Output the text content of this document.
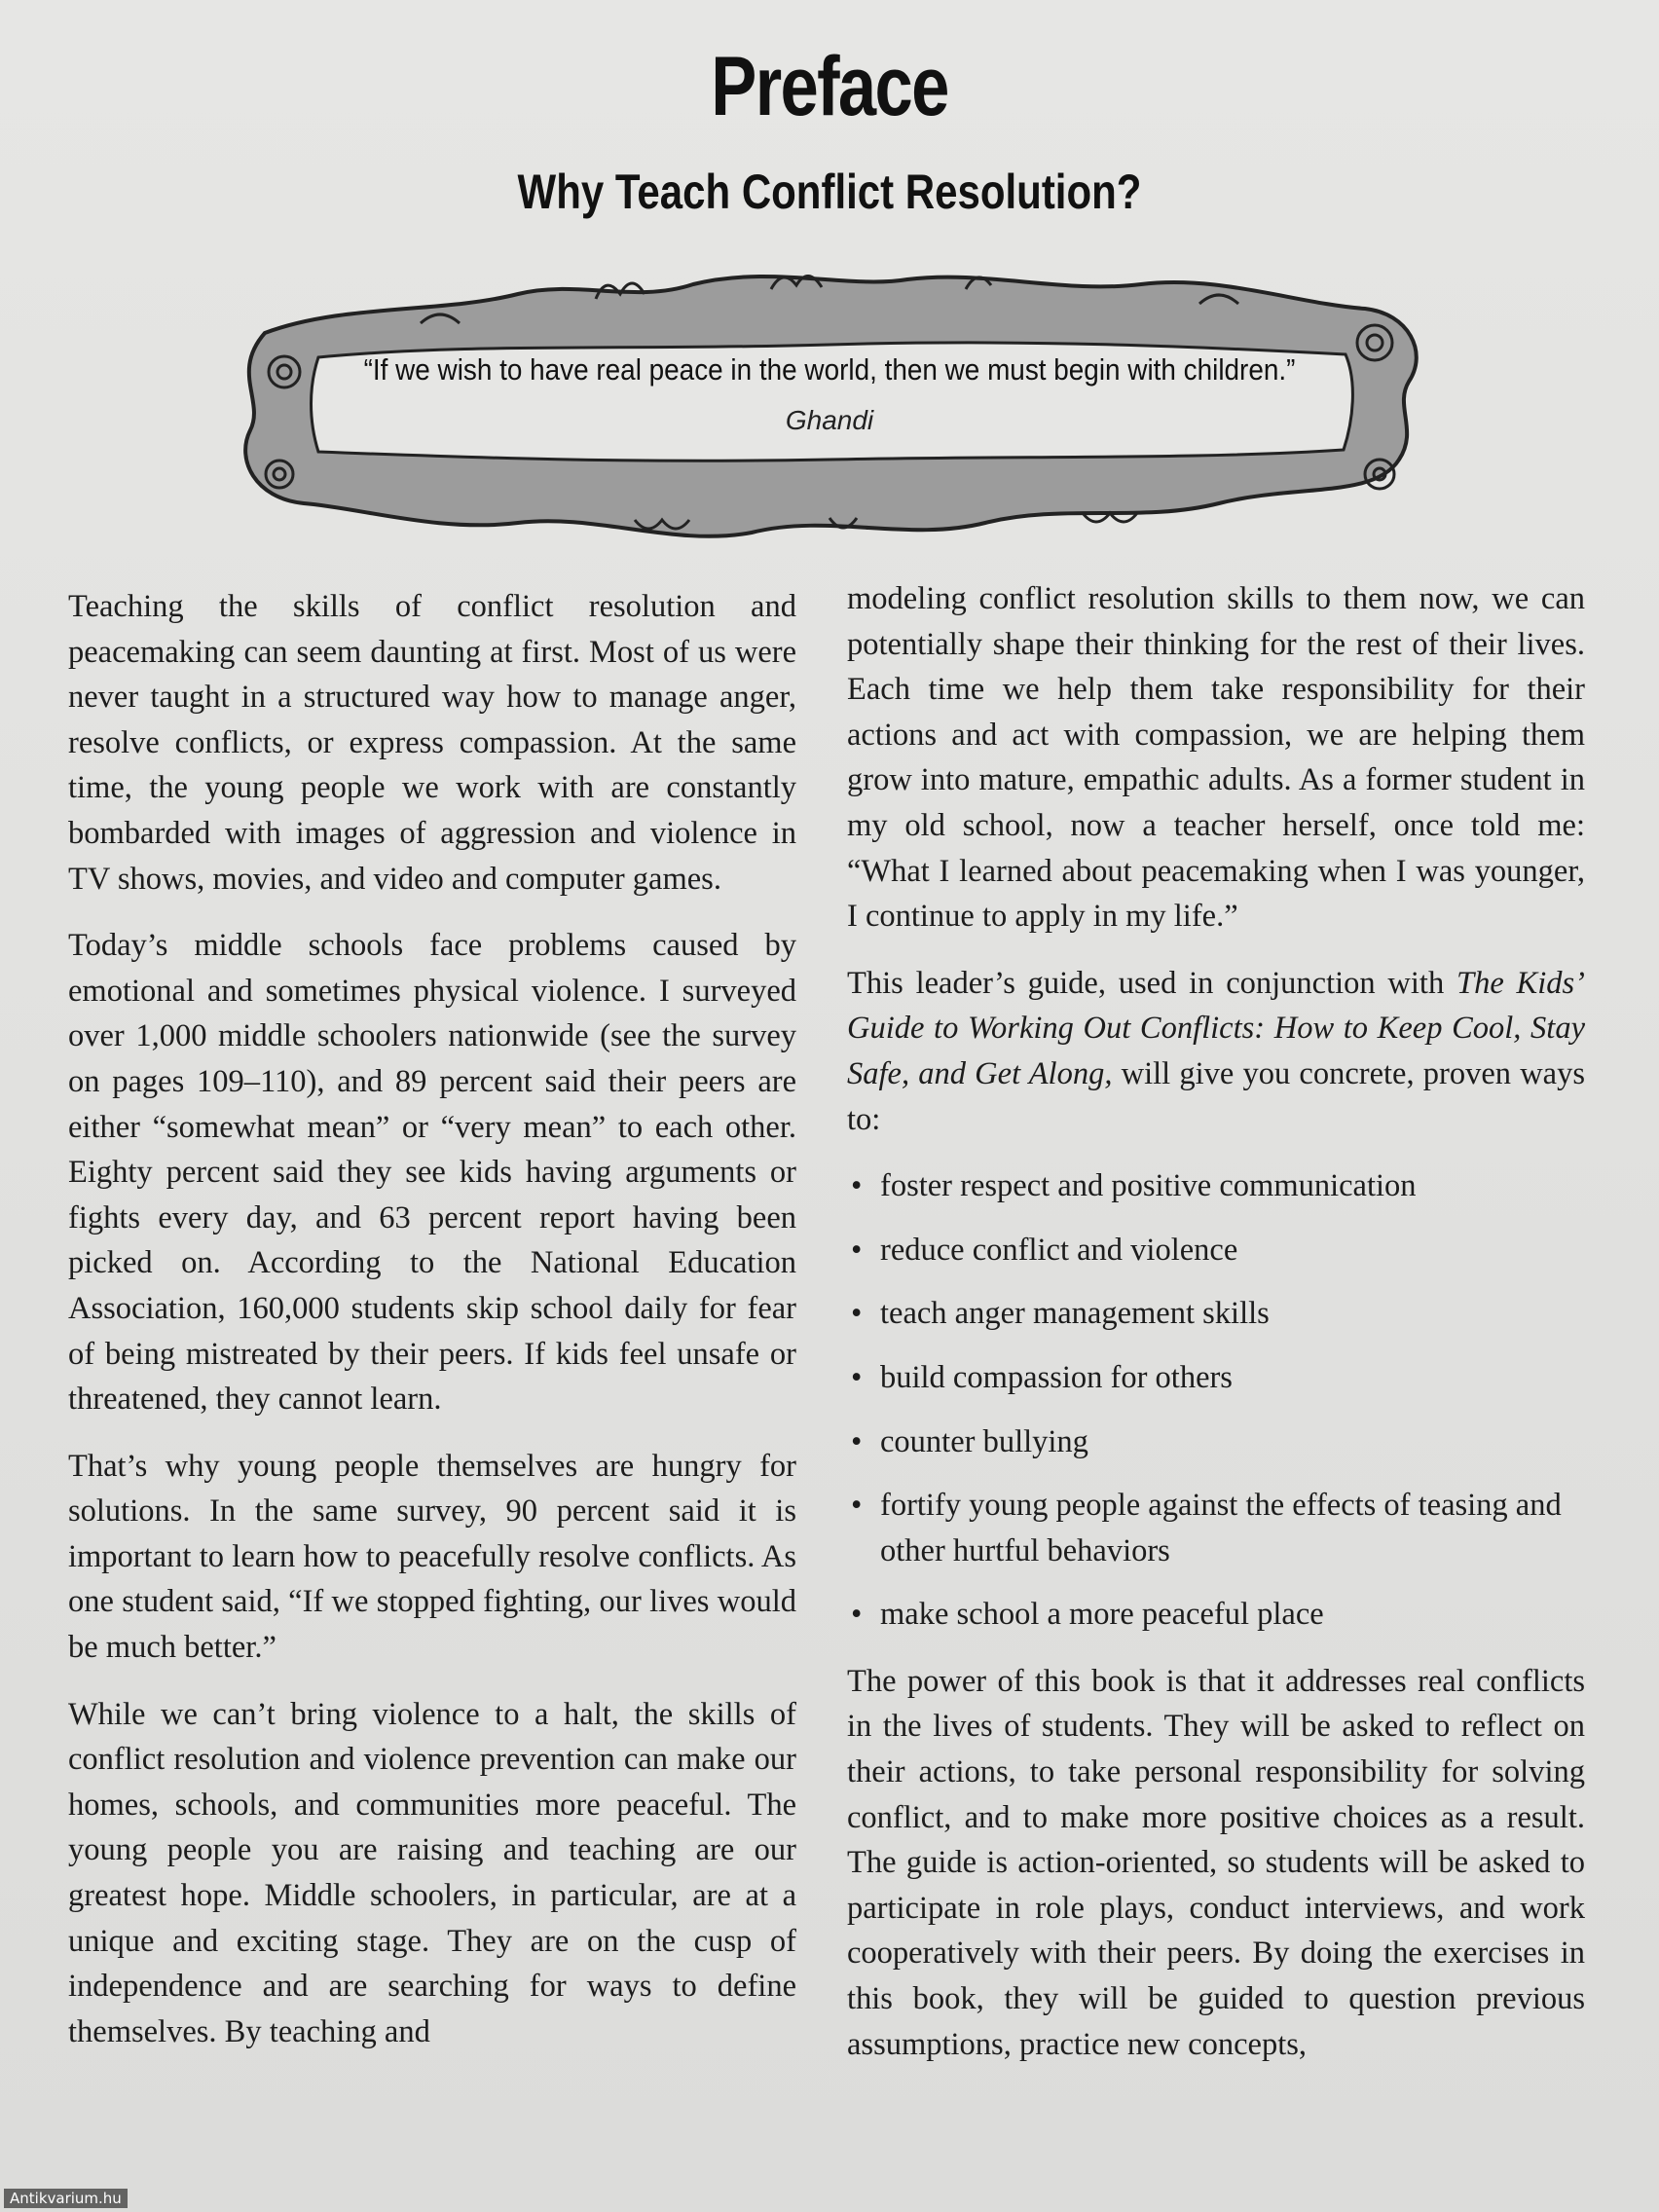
Preface
Why Teach Conflict Resolution?

“If we wish to have real peace in the world, then we must begin with children.”

Ghandi

Teaching the skills of conflict resolution and peacemaking can seem daunting at first. Most of us were never taught in a structured way how to manage anger, resolve conflicts, or express compassion. At the same time, the young people we work with are constantly bombarded with images of aggression and violence in TV shows, movies, and video and computer games.

Today’s middle schools face problems caused by emotional and sometimes physical violence. I surveyed over 1,000 middle schoolers nationwide (see the survey on pages 109–110), and 89 percent said their peers are either “somewhat mean” or “very mean” to each other. Eighty percent said they see kids having arguments or fights every day, and 63 percent report having been picked on. According to the National Education Association, 160,000 students skip school daily for fear of being mistreated by their peers. If kids feel unsafe or threatened, they cannot learn.

That’s why young people themselves are hungry for solutions. In the same survey, 90 percent said it is important to learn how to peacefully resolve conflicts. As one student said, “If we stopped fighting, our lives would be much better.”

While we can’t bring violence to a halt, the skills of conflict resolution and violence prevention can make our homes, schools, and communities more peaceful. The young people you are raising and teaching are our greatest hope. Middle schoolers, in particular, are at a unique and exciting stage. They are on the cusp of independence and are searching for ways to define themselves. By teaching and

modeling conflict resolution skills to them now, we can potentially shape their thinking for the rest of their lives. Each time we help them take responsibility for their actions and act with compassion, we are helping them grow into mature, empathic adults. As a former student in my old school, now a teacher herself, once told me: “What I learned about peacemaking when I was younger, I continue to apply in my life.”

This leader’s guide, used in conjunction with The Kids’ Guide to Working Out Conflicts: How to Keep Cool, Stay Safe, and Get Along, will give you concrete, proven ways to:

• foster respect and positive communication
• reduce conflict and violence
• teach anger management skills
• build compassion for others
• counter bullying
• fortify young people against the effects of teasing and other hurtful behaviors
• make school a more peaceful place

The power of this book is that it addresses real conflicts in the lives of students. They will be asked to reflect on their actions, to take personal responsibility for solving conflict, and to make more positive choices as a result. The guide is action-oriented, so students will be asked to participate in role plays, conduct interviews, and work cooperatively with their peers. By doing the exercises in this book, they will be guided to question previous assumptions, practice new concepts,

Antikvarium.hu
